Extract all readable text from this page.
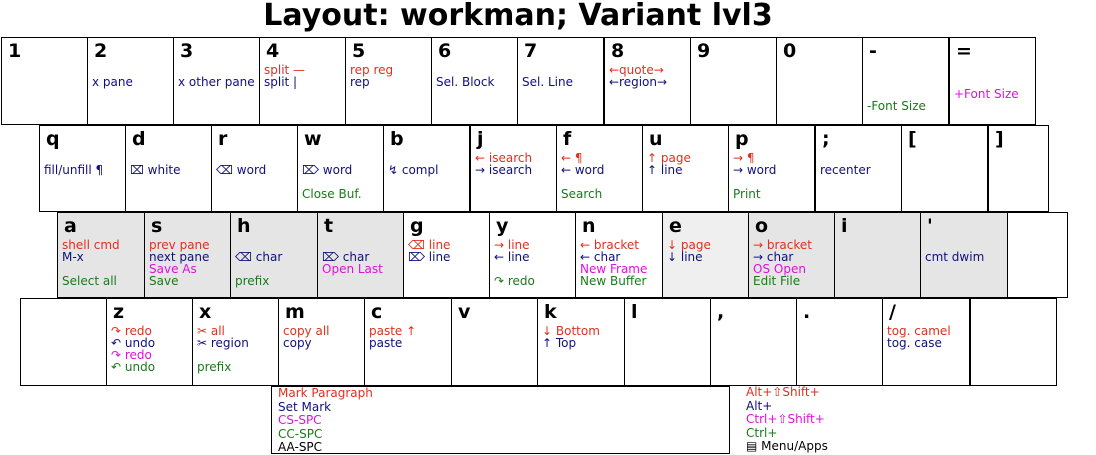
Layout: workman; Variant lvl3
1	2
x pane
3
x other pane
4
split —
split |
5
rep reg
rep
6
Sel. Block
7
Sel. Line
8
←quote→
←region→
9	0	-
-Font Size
=
+Font Size
q
fill/unfill ¶
d
⌧ white
r
⌫ word
w
⌦ word
Close Buf.
b
↯ compl
j
← isearch
→ isearch
f
← ¶
← word
Search
u
↑ page
↑ line
p
→ ¶
→ word
Print
;
recenter
[	]
a
shell cmd
M-x
Select all
s
prev pane
next pane
Save As
Save
h
⌫ char
prefix
t
⌦ char
Open Last
g
⌫ line
⌦ line
y
→ line
← line
↷ redo
n
← bracket
← char
New Frame
New Buffer
e
↓ page
↓ line
o
→ bracket
→ char
OS Open
Edit File
i	'
cmt dwim
z
↷ redo
↶ undo
↷ redo
↶ undo
x
✂ all
✂ region
prefix
m
copy all
copy
c
paste ↑
paste
v	k
↓ Bottom
↑ Top
l	,	.	/
tog. camel
tog. case
Mark Paragraph
Set Mark
CS-SPC
CC-SPC
AA-SPC
Alt+⇧Shift+
Alt+
Ctrl+⇧Shift+
Ctrl+
▤ Menu/Apps
